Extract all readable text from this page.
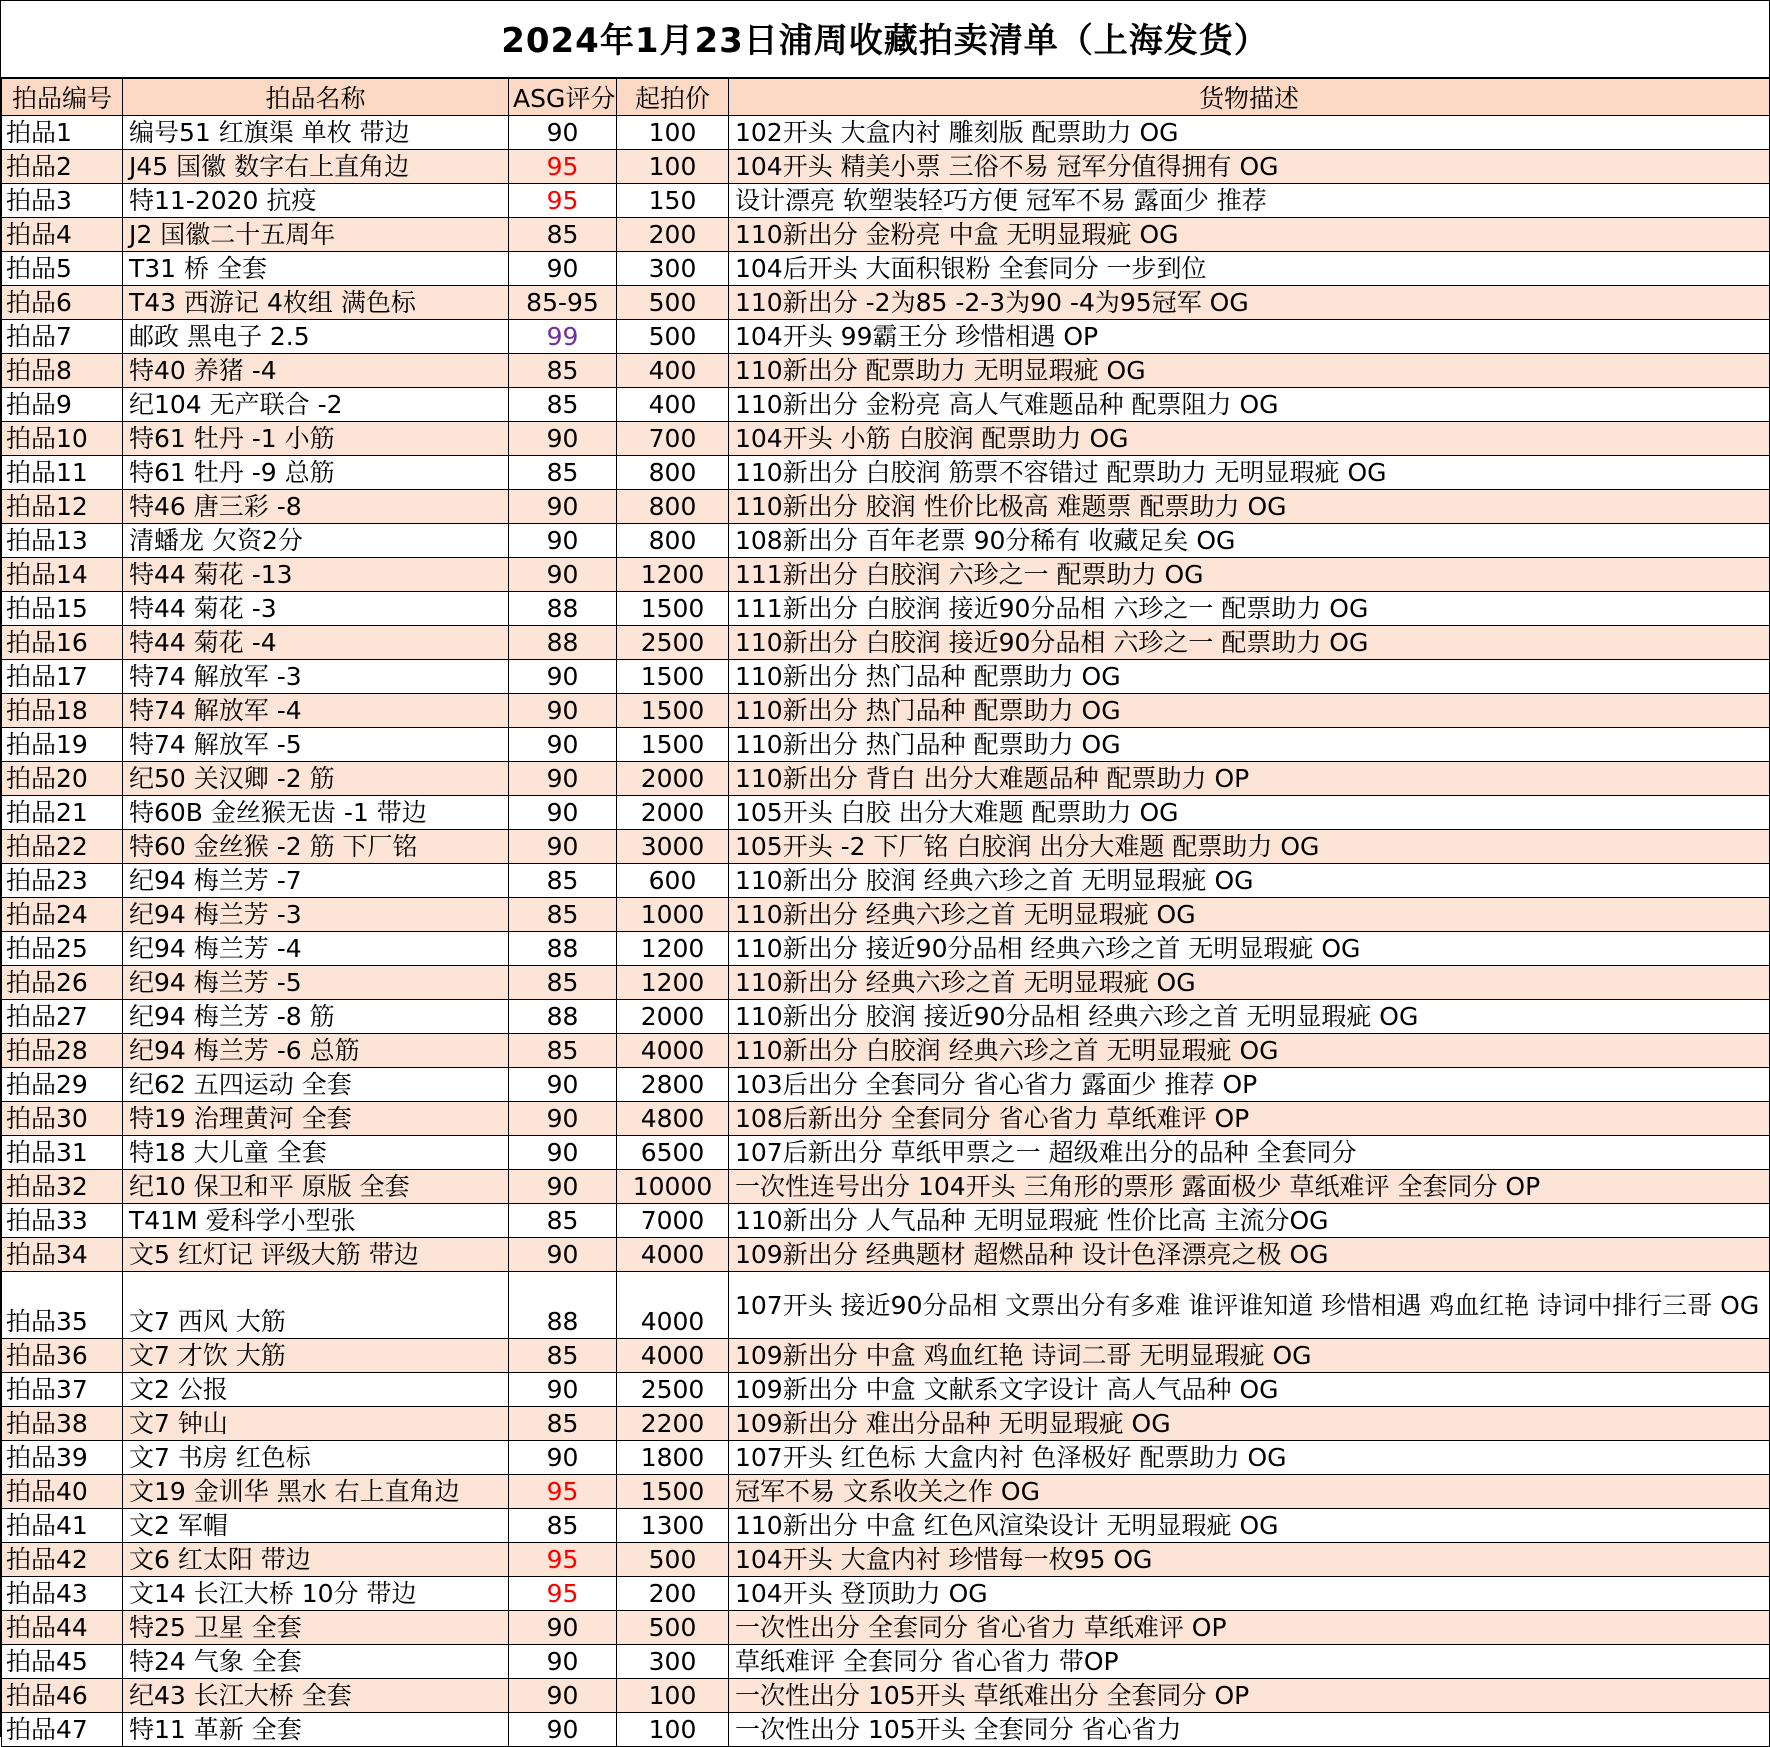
2024年1月23日浦周收藏拍卖清单（上海发货）
拍品编号	拍品名称	ASG评分	起拍价	货物描述
拍品1	编号51 红旗渠 单枚 带边	90	100	102开头 大盒内衬 雕刻版 配票助力 OG
拍品2	J45 国徽 数字右上直角边	95	100	104开头 精美小票 三俗不易 冠军分值得拥有 OG
拍品3	特11-2020 抗疫	95	150	设计漂亮 软塑装轻巧方便 冠军不易 露面少 推荐
拍品4	J2 国徽二十五周年	85	200	110新出分 金粉亮 中盒 无明显瑕疵 OG
拍品5	T31 桥 全套	90	300	104后开头 大面积银粉 全套同分 一步到位
拍品6	T43 西游记 4枚组 满色标	85-95	500	110新出分 -2为85 -2-3为90 -4为95冠军 OG
拍品7	邮政 黑电子 2.5	99	500	104开头 99霸王分 珍惜相遇 OP
拍品8	特40 养猪 -4	85	400	110新出分 配票助力 无明显瑕疵 OG
拍品9	纪104 无产联合 -2	85	400	110新出分 金粉亮 高人气难题品种 配票阻力 OG
拍品10	特61 牡丹 -1 小筋	90	700	104开头 小筋 白胶润 配票助力 OG
拍品11	特61 牡丹 -9 总筋	85	800	110新出分 白胶润 筋票不容错过 配票助力 无明显瑕疵 OG
拍品12	特46 唐三彩 -8	90	800	110新出分 胶润 性价比极高 难题票 配票助力 OG
拍品13	清蟠龙 欠资2分	90	800	108新出分 百年老票 90分稀有 收藏足矣 OG
拍品14	特44 菊花 -13	90	1200	111新出分 白胶润 六珍之一 配票助力 OG
拍品15	特44 菊花 -3	88	1500	111新出分 白胶润 接近90分品相 六珍之一 配票助力 OG
拍品16	特44 菊花 -4	88	2500	110新出分 白胶润 接近90分品相 六珍之一 配票助力 OG
拍品17	特74 解放军 -3	90	1500	110新出分 热门品种 配票助力 OG
拍品18	特74 解放军 -4	90	1500	110新出分 热门品种 配票助力 OG
拍品19	特74 解放军 -5	90	1500	110新出分 热门品种 配票助力 OG
拍品20	纪50 关汉卿 -2 筋	90	2000	110新出分 背白 出分大难题品种 配票助力 OP
拍品21	特60B 金丝猴无齿 -1 带边	90	2000	105开头 白胶 出分大难题 配票助力 OG
拍品22	特60 金丝猴 -2 筋 下厂铭	90	3000	105开头 -2 下厂铭 白胶润 出分大难题 配票助力 OG
拍品23	纪94 梅兰芳 -7	85	600	110新出分 胶润 经典六珍之首 无明显瑕疵 OG
拍品24	纪94 梅兰芳 -3	85	1000	110新出分 经典六珍之首 无明显瑕疵 OG
拍品25	纪94 梅兰芳 -4	88	1200	110新出分 接近90分品相 经典六珍之首 无明显瑕疵 OG
拍品26	纪94 梅兰芳 -5	85	1200	110新出分 经典六珍之首 无明显瑕疵 OG
拍品27	纪94 梅兰芳 -8 筋	88	2000	110新出分 胶润 接近90分品相 经典六珍之首 无明显瑕疵 OG
拍品28	纪94 梅兰芳 -6 总筋	85	4000	110新出分 白胶润 经典六珍之首 无明显瑕疵 OG
拍品29	纪62 五四运动 全套	90	2800	103后出分 全套同分 省心省力 露面少 推荐 OP
拍品30	特19 治理黄河 全套	90	4800	108后新出分 全套同分 省心省力 草纸难评 OP
拍品31	特18 大儿童 全套	90	6500	107后新出分 草纸甲票之一 超级难出分的品种 全套同分
拍品32	纪10 保卫和平 原版 全套	90	10000	一次性连号出分 104开头 三角形的票形 露面极少 草纸难评 全套同分 OP
拍品33	T41M 爱科学小型张	85	7000	110新出分 人气品种 无明显瑕疵 性价比高 主流分OG
拍品34	文5 红灯记 评级大筋 带边	90	4000	109新出分 经典题材 超燃品种 设计色泽漂亮之极 OG
拍品35	文7 西风 大筋	88	4000	107开头 接近90分品相 文票出分有多难 谁评谁知道 珍惜相遇 鸡血红艳 诗词中排行三哥 OG
拍品36	文7 才饮 大筋	85	4000	109新出分 中盒 鸡血红艳 诗词二哥 无明显瑕疵 OG
拍品37	文2 公报	90	2500	109新出分 中盒 文献系文字设计 高人气品种 OG
拍品38	文7 钟山	85	2200	109新出分 难出分品种 无明显瑕疵 OG
拍品39	文7 书房 红色标	90	1800	107开头 红色标 大盒内衬 色泽极好 配票助力 OG
拍品40	文19 金训华 黑水 右上直角边	95	1500	冠军不易 文系收关之作 OG
拍品41	文2 军帽	85	1300	110新出分 中盒 红色风渲染设计 无明显瑕疵 OG
拍品42	文6 红太阳 带边	95	500	104开头 大盒内衬 珍惜每一枚95 OG
拍品43	文14 长江大桥 10分 带边	95	200	104开头 登顶助力 OG
拍品44	特25 卫星 全套	90	500	一次性出分 全套同分 省心省力 草纸难评 OP
拍品45	特24 气象 全套	90	300	草纸难评 全套同分 省心省力 带OP
拍品46	纪43 长江大桥 全套	90	100	一次性出分 105开头 草纸难出分 全套同分 OP
拍品47	特11 革新 全套	90	100	一次性出分 105开头 全套同分 省心省力
